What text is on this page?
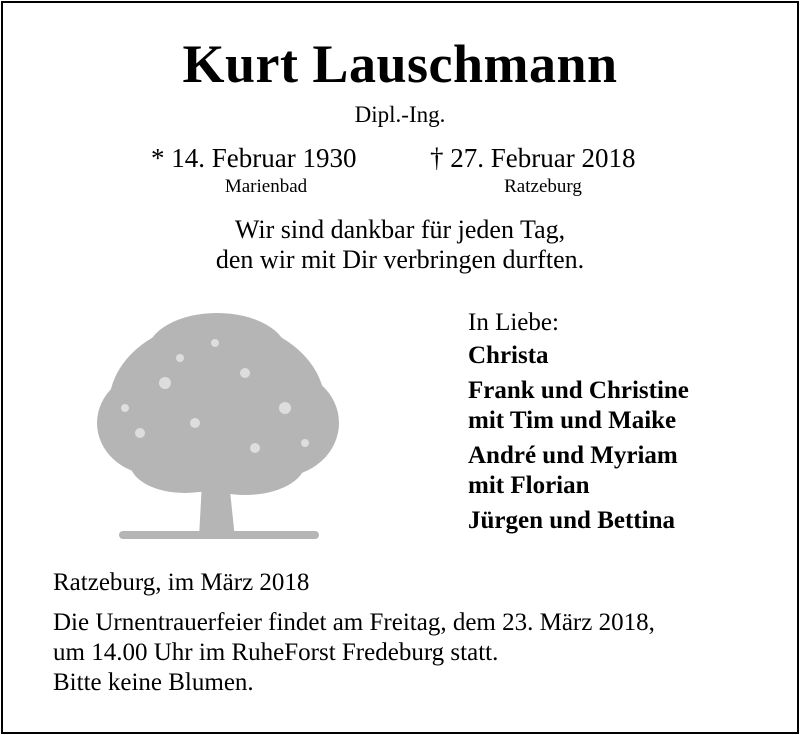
Kurt Lauschmann
Dipl.-Ing.
* 14. Februar 1930
Marienbad
† 27. Februar 2018
Ratzeburg
Wir sind dankbar für jeden Tag,
den wir mit Dir verbringen durften.
In Liebe:
Christa
Frank und Christine
mit Tim und Maike
André und Myriam
mit Florian
Jürgen und Bettina
Ratzeburg, im März 2018
Die Urnentrauerfeier findet am Freitag, dem 23. März 2018,
um 14.00 Uhr im RuheForst Fredeburg statt.
Bitte keine Blumen.
